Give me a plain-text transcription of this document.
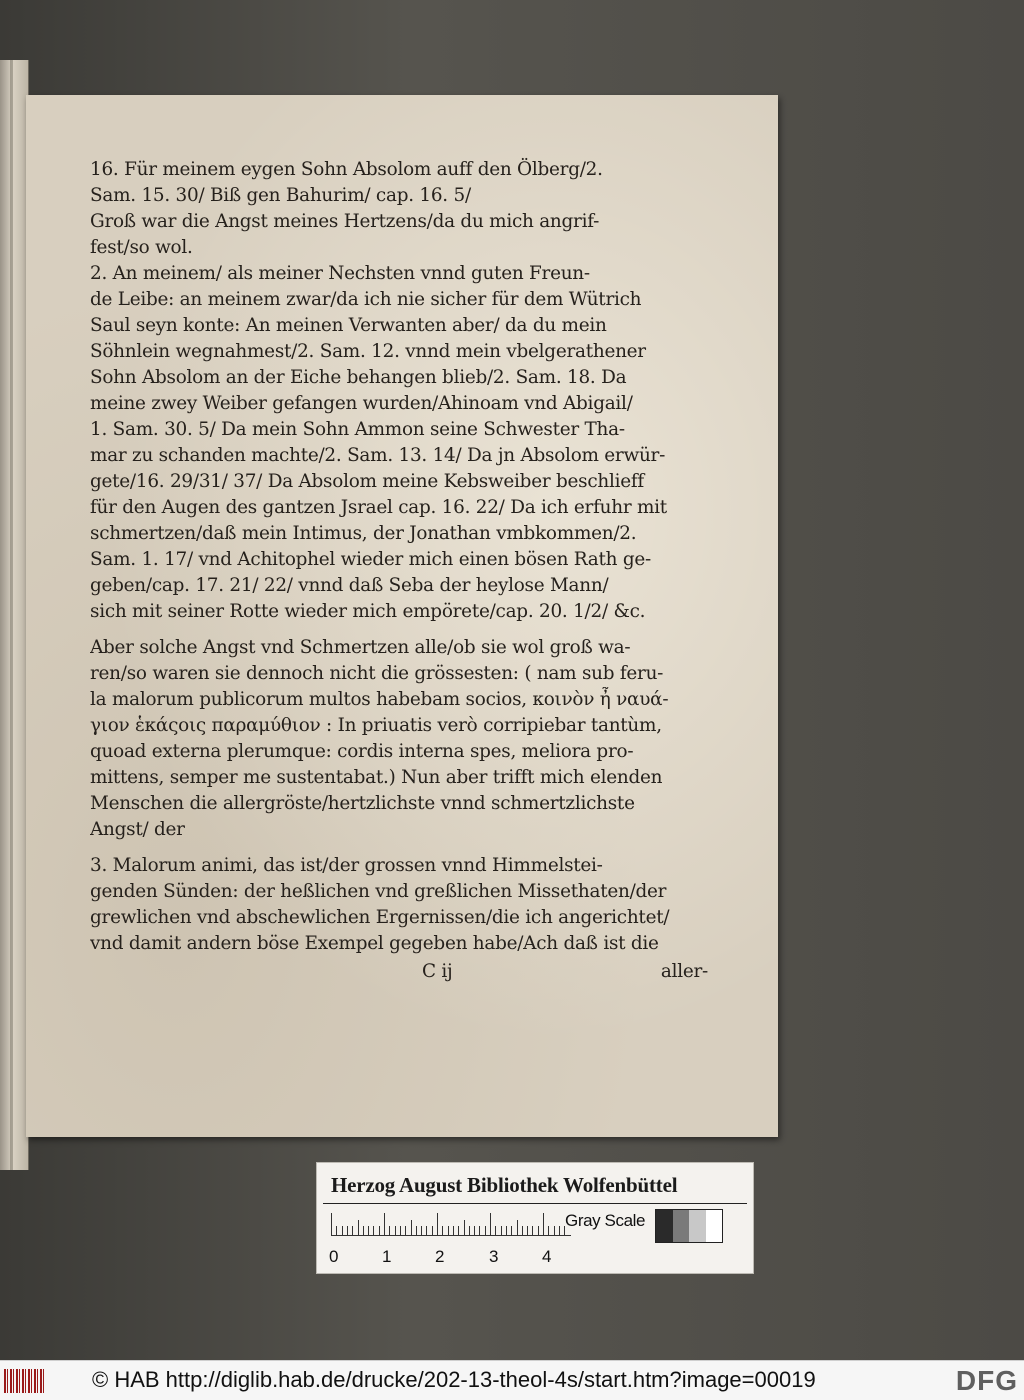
16. Für meinem eygen Sohn Absolom auff den Ölberg/2.
Sam. 15. 30/ Biß gen Bahurim/ cap. 16. 5/
Groß war die Angst meines Hertzens/da du mich angrif-
fest/so wol.
2. An meinem/ als meiner Nechsten vnnd guten Freun-
de Leibe: an meinem zwar/da ich nie sicher für dem Wütrich
Saul seyn konte: An meinen Verwanten aber/ da du mein
Söhnlein wegnahmest/2. Sam. 12. vnnd mein vbelgerathener
Sohn Absolom an der Eiche behangen blieb/2. Sam. 18. Da
meine zwey Weiber gefangen wurden/Ahinoam vnd Abigail/
1. Sam. 30. 5/ Da mein Sohn Ammon seine Schwester Tha-
mar zu schanden machte/2. Sam. 13. 14/ Da jn Absolom erwür-
gete/16. 29/31/ 37/ Da Absolom meine Kebsweiber beschlieff
für den Augen des gantzen Jsrael cap. 16. 22/ Da ich erfuhr mit
schmertzen/daß mein Intimus, der Jonathan vmbkommen/2.
Sam. 1. 17/ vnd Achitophel wieder mich einen bösen Rath ge-
geben/cap. 17. 21/ 22/ vnnd daß Seba der heylose Mann/
sich mit seiner Rotte wieder mich empörete/cap. 20. 1/2/ &c.
Aber solche Angst vnd Schmertzen alle/ob sie wol groß wa-
ren/so waren sie dennoch nicht die grössesten: ( nam sub feru-
la malorum publicorum multos habebam socios, κοινὸν ἦ ναυά-
γιον ἑκάςοις παραμύθιον : In priuatis verò corripiebar tantùm,
quoad externa plerumque: cordis interna spes, meliora pro-
mittens, semper me sustentabat.) Nun aber trifft mich elenden
Menschen die allergröste/hertzlichste vnnd schmertzlichste
Angst/ der
3. Malorum animi, das ist/der grossen vnnd Himmelstei-
genden Sünden: der heßlichen vnd greßlichen Missethaten/der
grewlichen vnd abschewlichen Ergernissen/die ich angerichtet/
vnd damit andern böse Exempel gegeben habe/Ach daß ist die
C ij	aller-
Herzog August Bibliothek Wolfenbüttel
0	1	2	3	4
Gray Scale
© HAB http://diglib.hab.de/drucke/202-13-theol-4s/start.htm?image=00019	DFG
